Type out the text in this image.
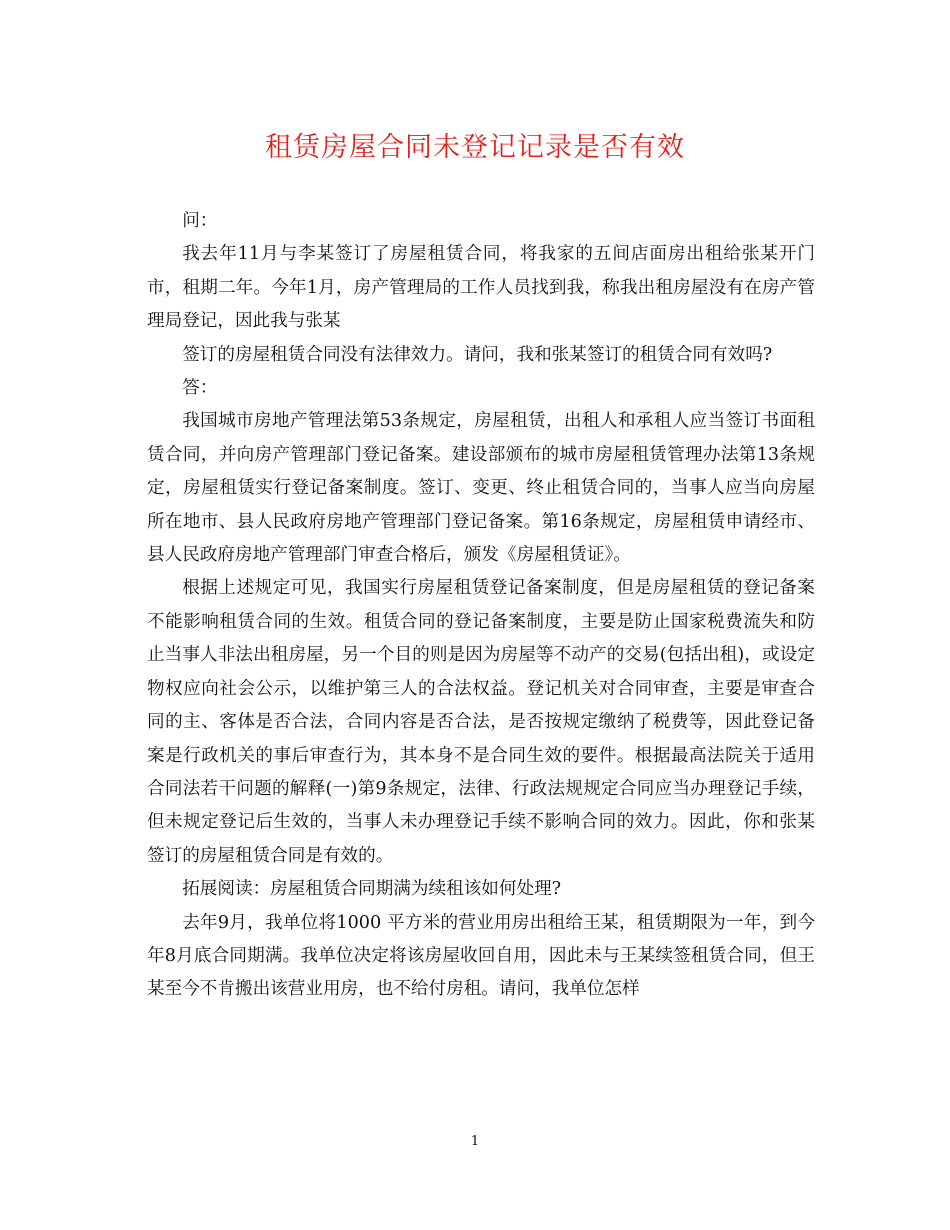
租赁房屋合同未登记记录是否有效

问：

我去年11月与李某签订了房屋租赁合同，将我家的五间店面房出租给张某开门市，租期二年。今年1月，房产管理局的工作人员找到我，称我出租房屋没有在房产管理局登记，因此我与张某

签订的房屋租赁合同没有法律效力。请问，我和张某签订的租赁合同有效吗?

答：

我国城市房地产管理法第53条规定，房屋租赁，出租人和承租人应当签订书面租赁合同，并向房产管理部门登记备案。建设部颁布的城市房屋租赁管理办法第13条规定，房屋租赁实行登记备案制度。签订、变更、终止租赁合同的，当事人应当向房屋所在地市、县人民政府房地产管理部门登记备案。第16条规定，房屋租赁申请经市、县人民政府房地产管理部门审查合格后，颁发《房屋租赁证》。

根据上述规定可见，我国实行房屋租赁登记备案制度，但是房屋租赁的登记备案不能影响租赁合同的生效。租赁合同的登记备案制度，主要是防止国家税费流失和防止当事人非法出租房屋，另一个目的则是因为房屋等不动产的交易(包括出租)，或设定物权应向社会公示，以维护第三人的合法权益。登记机关对合同审查，主要是审查合同的主、客体是否合法，合同内容是否合法，是否按规定缴纳了税费等，因此登记备案是行政机关的事后审查行为，其本身不是合同生效的要件。根据最高法院关于适用合同法若干问题的解释(一)第9条规定，法律、行政法规规定合同应当办理登记手续，但未规定登记后生效的，当事人未办理登记手续不影响合同的效力。因此，你和张某签订的房屋租赁合同是有效的。

拓展阅读：房屋租赁合同期满为续租该如何处理?

去年9月，我单位将1000 平方米的营业用房出租给王某，租赁期限为一年，到今年8月底合同期满。我单位决定将该房屋收回自用，因此未与王某续签租赁合同，但王某至今不肯搬出该营业用房，也不给付房租。请问，我单位怎样

1
